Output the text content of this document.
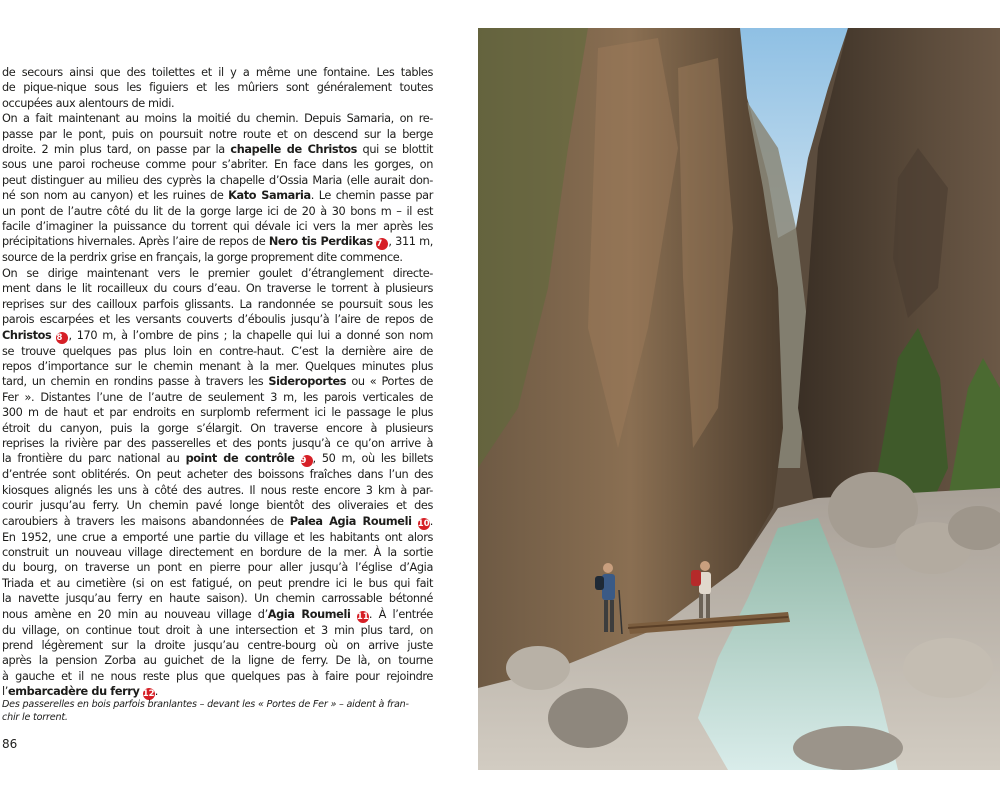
de secours ainsi que des toilettes et il y a même une fontaine. Les tables
de pique-nique sous les figuiers et les mûriers sont généralement toutes
occupées aux alentours de midi.

On a fait maintenant au moins la moitié du chemin. Depuis Samaria, on re-
passe par le pont, puis on poursuit notre route et on descend sur la berge
droite. 2 min plus tard, on passe par la chapelle de Christos qui se blottit
sous une paroi rocheuse comme pour s’abriter. En face dans les gorges, on
peut distinguer au milieu des cyprès la chapelle d’Ossia Maria (elle aurait don-
né son nom au canyon) et les ruines de Kato Samaria. Le chemin passe par
un pont de l’autre côté du lit de la gorge large ici de 20 à 30 bons m – il est
facile d’imaginer la puissance du torrent qui dévale ici vers la mer après les
précipitations hivernales. Après l’aire de repos de Nero tis Perdikas 7 , 311 m,
source de la perdrix grise en français, la gorge proprement dite commence.

On se dirige maintenant vers le premier goulet d’étranglement directe-
ment dans le lit rocailleux du cours d’eau. On traverse le torrent à plusieurs
reprises sur des cailloux parfois glissants. La randonnée se poursuit sous les
parois escarpées et les versants couverts d’éboulis jusqu’à l’aire de repos de
Christos 8 , 170 m, à l’ombre de pins ; la chapelle qui lui a donné son nom
se trouve quelques pas plus loin en contre-haut. C’est la dernière aire de
repos d’importance sur le chemin menant à la mer. Quelques minutes plus
tard, un chemin en rondins passe à travers les Sideroportes ou « Portes de
Fer ». Distantes l’une de l’autre de seulement 3 m, les parois verticales de
300 m de haut et par endroits en surplomb referment ici le passage le plus
étroit du canyon, puis la gorge s’élargit. On traverse encore à plusieurs
reprises la rivière par des passerelles et des ponts jusqu’à ce qu’on arrive à
la frontière du parc national au point de contrôle 9 , 50 m, où les billets
d’entrée sont oblitérés. On peut acheter des boissons fraîches dans l’un des
kiosques alignés les uns à côté des autres. Il nous reste encore 3 km à par-
courir jusqu’au ferry. Un chemin pavé longe bientôt des oliveraies et des
caroubiers à travers les maisons abandonnées de Palea Agia Roumeli 10.
En 1952, une crue a emporté une partie du village et les habitants ont alors
construit un nouveau village directement en bordure de la mer. À la sortie
du bourg, on traverse un pont en pierre pour aller jusqu’à l’église d’Agia
Triada et au cimetière (si on est fatigué, on peut prendre ici le bus qui fait
la navette jusqu’au ferry en haute saison). Un chemin carrossable bétonné
nous amène en 20 min au nouveau village d’Agia Roumeli 11. À l’entrée
du village, on continue tout droit à une intersection et 3 min plus tard, on
prend légèrement sur la droite jusqu’au centre-bourg où on arrive juste
après la pension Zorba au guichet de la ligne de ferry. De là, on tourne
à gauche et il ne nous reste plus que quelques pas à faire pour rejoindre
l’embarcadère du ferry 12.

Des passerelles en bois parfois branlantes – devant les « Portes de Fer » – aident à fran-
chir le torrent.
86
